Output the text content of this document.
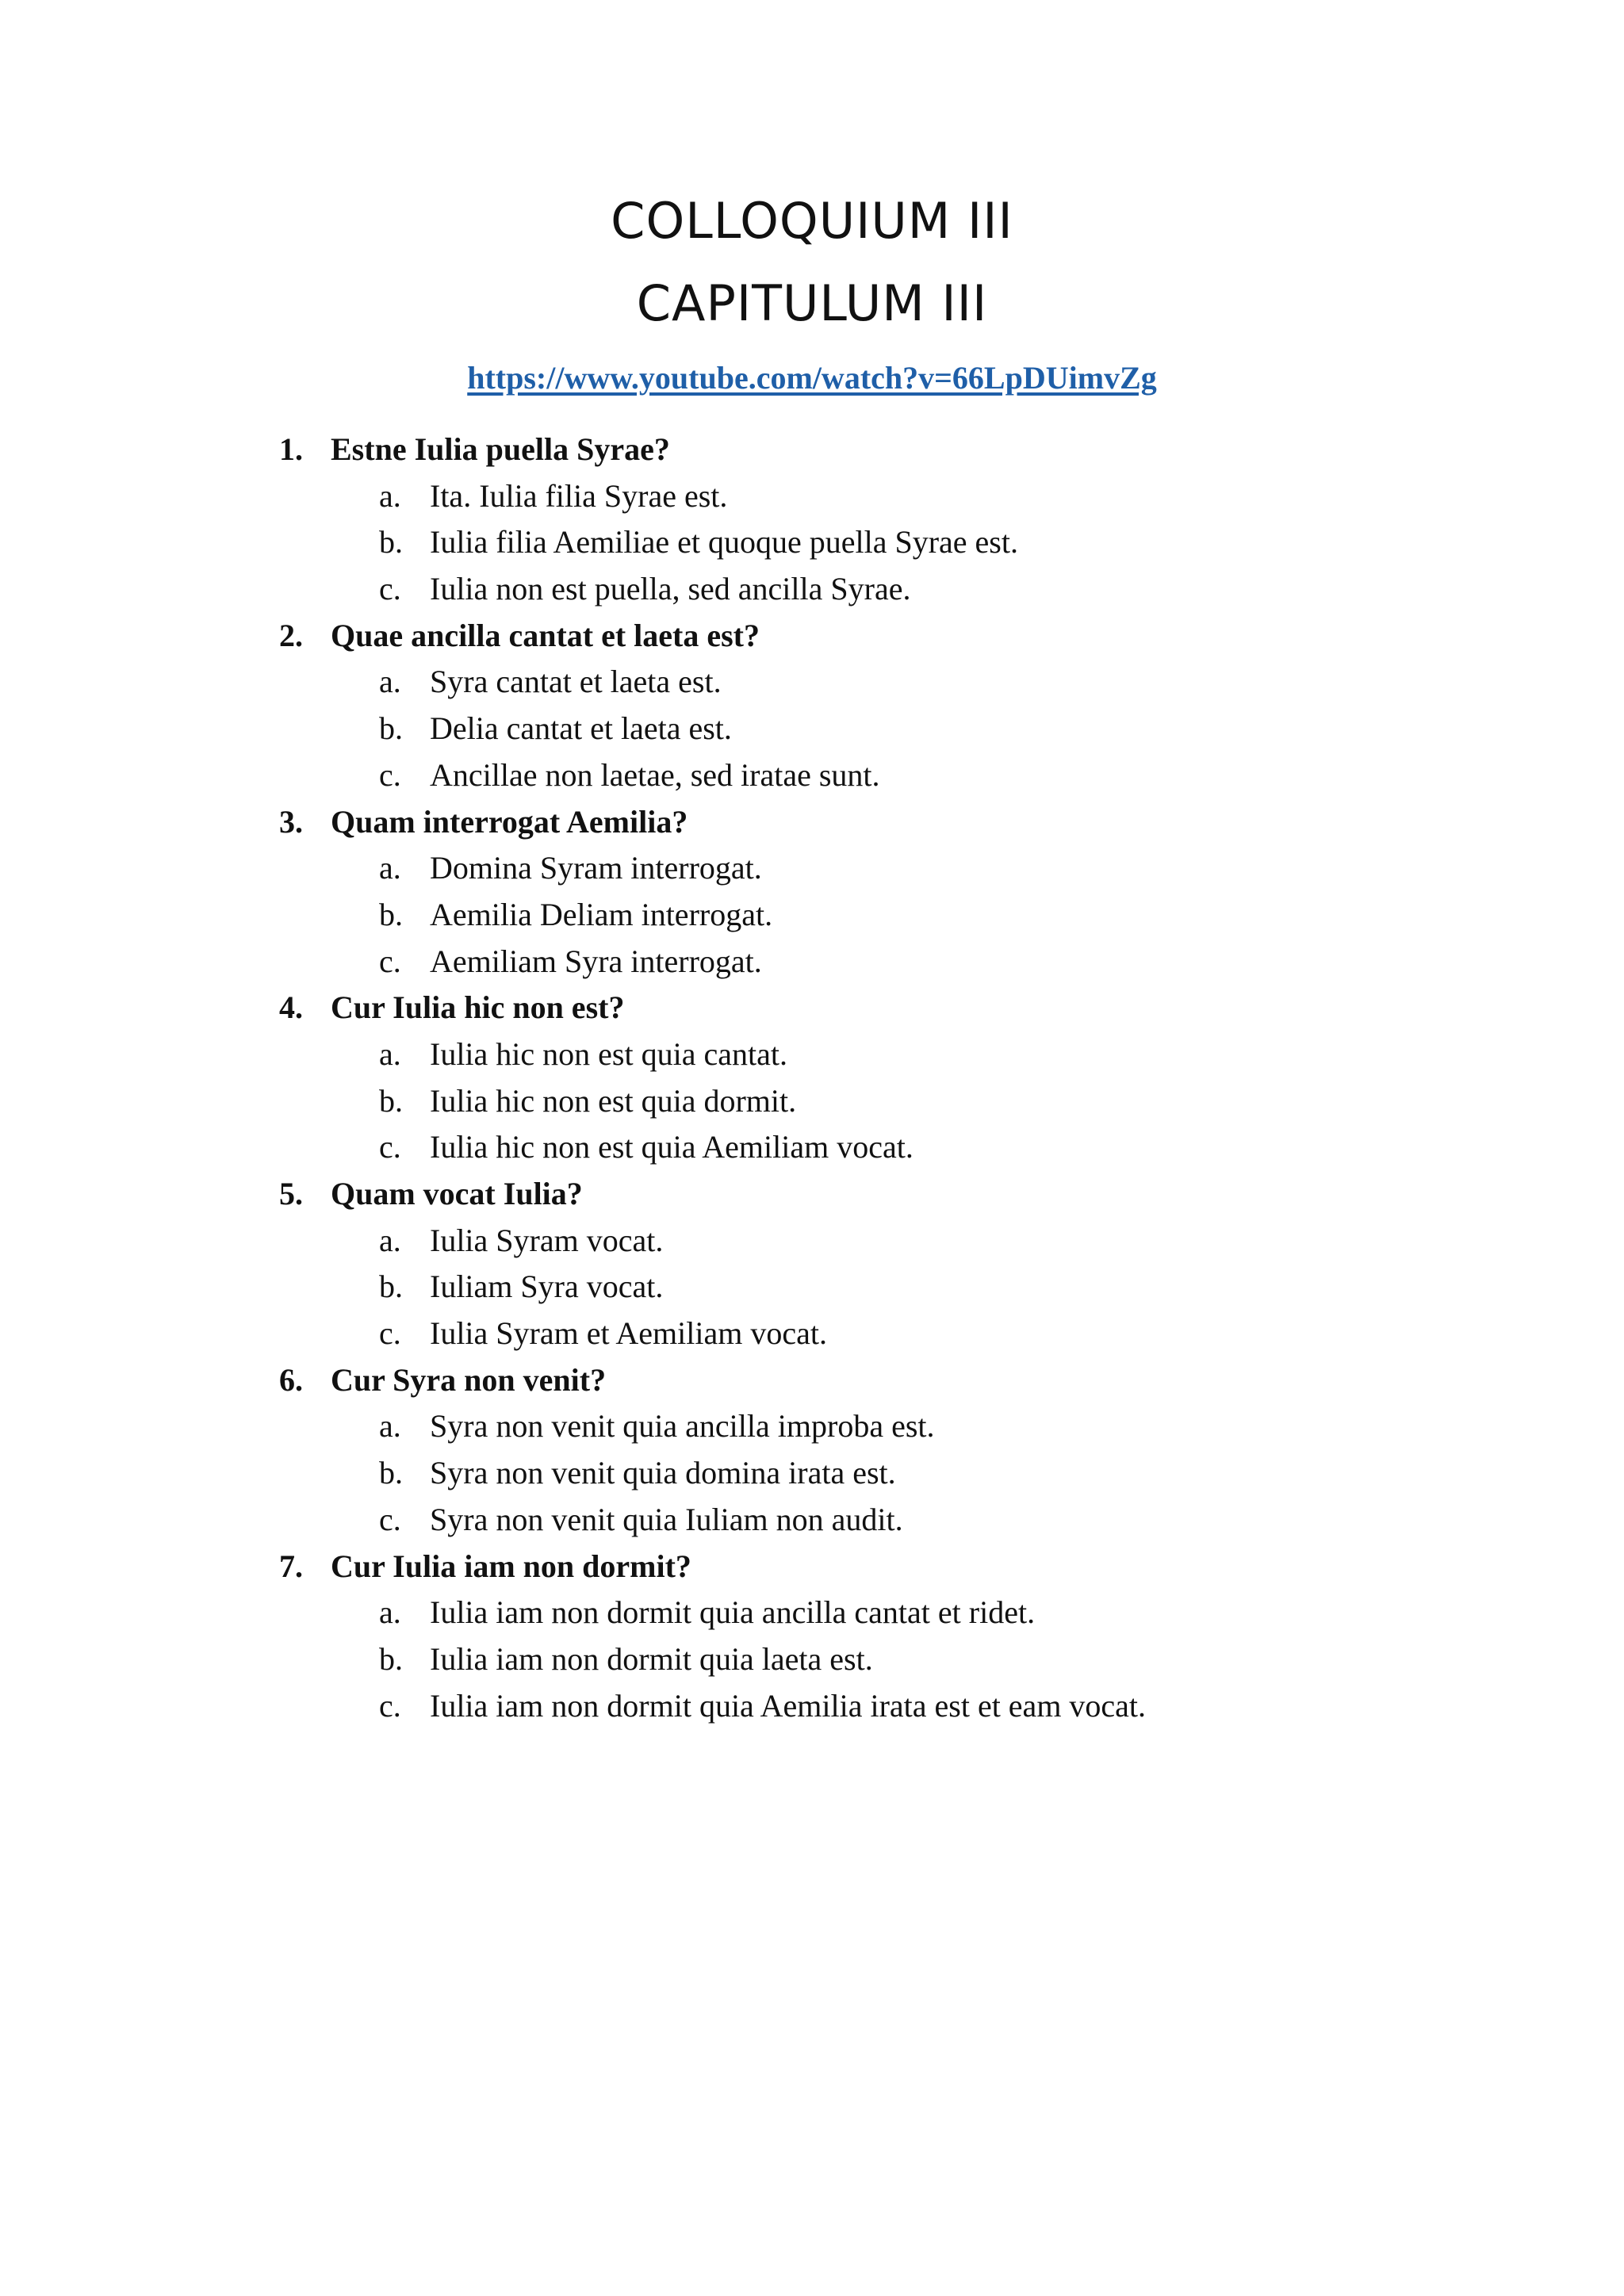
COLLOQUIUM III
CAPITULUM III
https://www.youtube.com/watch?v=66LpDUimvZg
1. Estne Iulia puella Syrae?
a. Ita. Iulia filia Syrae est.
b. Iulia filia Aemiliae et quoque puella Syrae est.
c. Iulia non est puella, sed ancilla Syrae.
2. Quae ancilla cantat et laeta est?
a. Syra cantat et laeta est.
b. Delia cantat et laeta est.
c. Ancillae non laetae, sed iratae sunt.
3. Quam interrogat Aemilia?
a. Domina Syram interrogat.
b. Aemilia Deliam interrogat.
c. Aemiliam Syra interrogat.
4. Cur Iulia hic non est?
a. Iulia hic non est quia cantat.
b. Iulia hic non est quia dormit.
c. Iulia hic non est quia Aemiliam vocat.
5. Quam vocat Iulia?
a. Iulia Syram vocat.
b. Iuliam Syra vocat.
c. Iulia Syram et Aemiliam vocat.
6. Cur Syra non venit?
a. Syra non venit quia ancilla improba est.
b. Syra non venit quia domina irata est.
c. Syra non venit quia Iuliam non audit.
7. Cur Iulia iam non dormit?
a. Iulia iam non dormit quia ancilla cantat et ridet.
b. Iulia iam non dormit quia laeta est.
c. Iulia iam non dormit quia Aemilia irata est et eam vocat.
